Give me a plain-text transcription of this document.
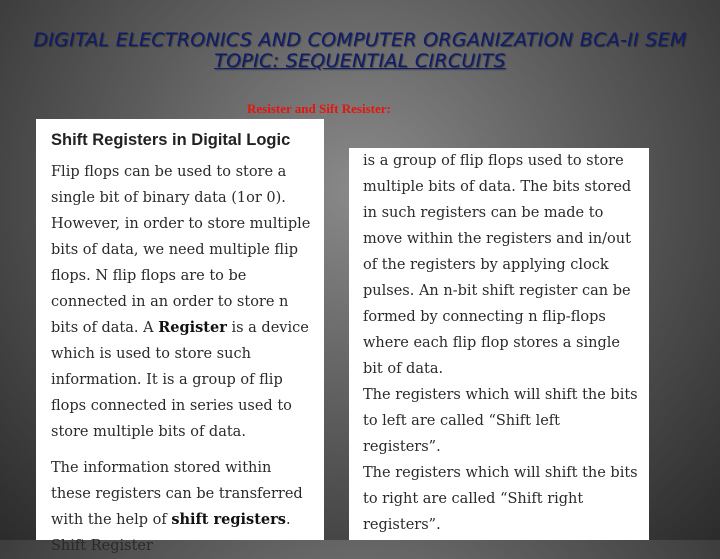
DIGITAL ELECTRONICS AND COMPUTER ORGANIZATION BCA-II SEM
TOPIC: SEQUENTIAL CIRCUITS
Resister and Sift Resister:
Shift Registers in Digital Logic

Flip flops can be used to store a single bit of binary data (1or 0). However, in order to store multiple bits of data, we need multiple flip flops. N flip flops are to be connected in an order to store n bits of data. A Register is a device which is used to store such information. It is a group of flip flops connected in series used to store multiple bits of data.

The information stored within these registers can be transferred with the help of shift registers. Shift Register

is a group of flip flops used to store multiple bits of data. The bits stored in such registers can be made to move within the registers and in/out of the registers by applying clock pulses. An n-bit shift register can be formed by connecting n flip-flops where each flip flop stores a single bit of data.
The registers which will shift the bits to left are called “Shift left registers”.
The registers which will shift the bits to right are called “Shift right registers”.
